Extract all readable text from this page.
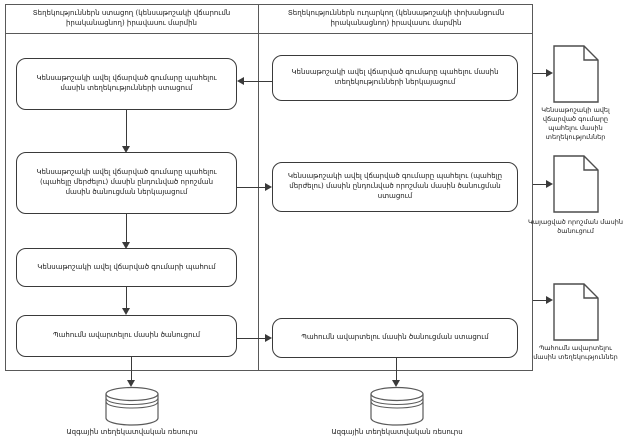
Տեղեկություններն ստացող (կենսաթոշակի վճարումն իրականացնող) իրավասու մարմին
Տեղեկություններն ուղարկող (կենսաթոշակի փոխանցումն իրականացնող) իրավասու մարմին
Կենսաթոշակի ավել վճարված գումարը պահելու մասին տեղեկությունների ստացում
Կենսաթոշակի ավել վճարված գումարը պահելու (պահելը մերժելու) մասին ընդունված որոշման մասին ծանուցման ներկայացում
Կենսաթոշակի ավել վճարված գումարի պահում
Պահումն ավարտելու մասին ծանուցում
Կենսաթոշակի ավել վճարված գումարը պահելու մասին տեղեկությունների ներկայացում
Կենսաթոշակի ավել վճարված գումարը պահելու (պահելը մերժելու) մասին ընդունված որոշման մասին ծանուցման ստացում
Պահումն ավարտելու մասին ծանուցման ստացում
Կենսաթոշակի ավել վճարված գումարը պահելու մասին տեղեկություններ
Կայացված որոշման մասին ծանուցում
Պահումն ավարտելու մասին տեղեկություններ
Ազգային տեղեկատվական ռեսուրս	Ազգային տեղեկատվական ռեսուրս
